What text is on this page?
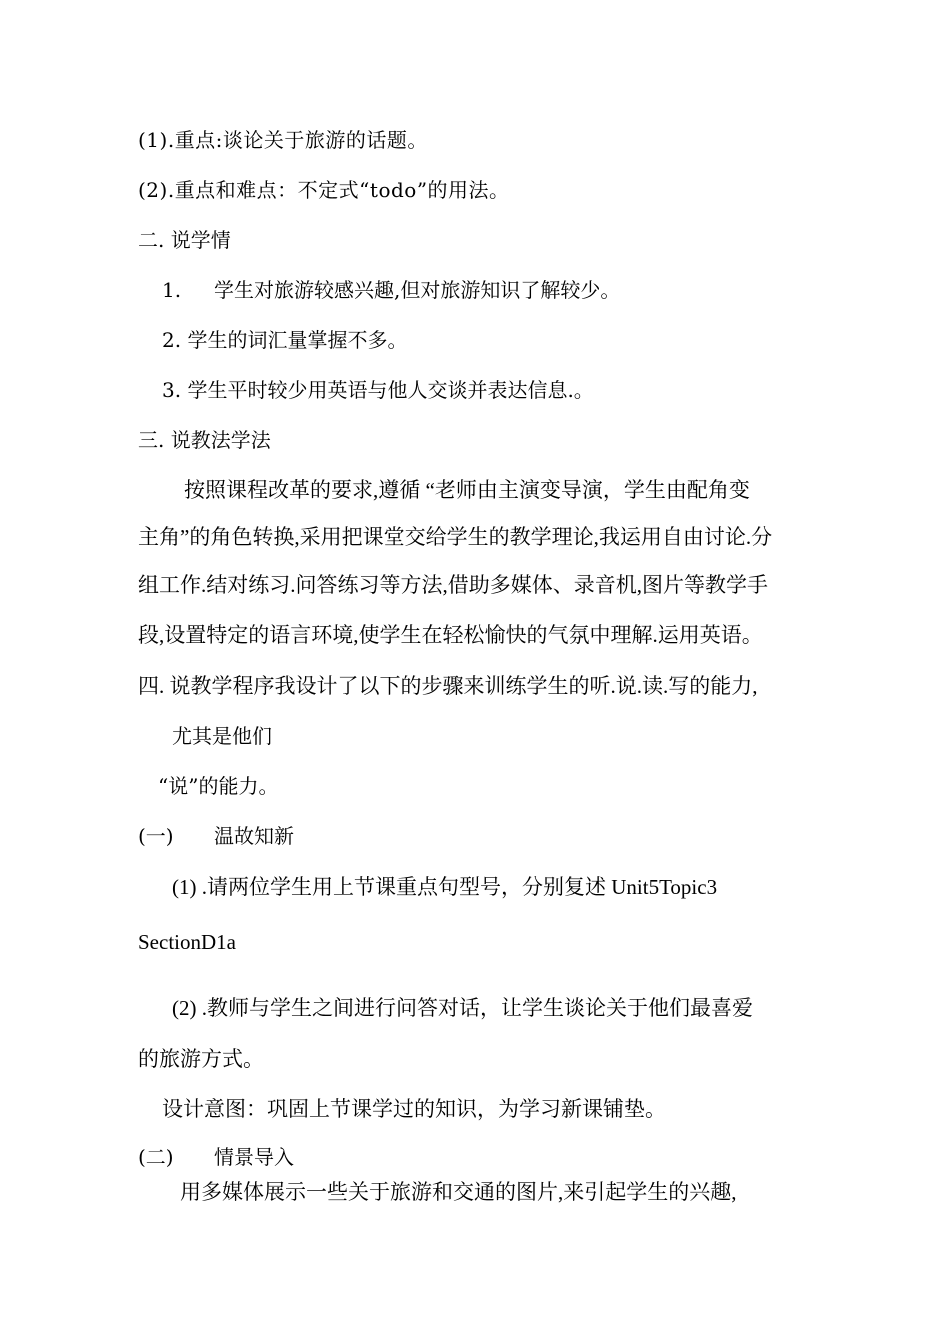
(1).重点:谈论关于旅游的话题。
(2).重点和难点：不定式“todo”的用法。
二. 说学情
1. 学生对旅游较感兴趣,但对旅游知识了解较少。
2. 学生的词汇量掌握不多。
3. 学生平时较少用英语与他人交谈并表达信息.。
三. 说教法学法
按照课程改革的要求,遵循 “老师由主演变导演，学生由配角变
主角”的角色转换,采用把课堂交给学生的教学理论,我运用自由讨论.分
组工作.结对练习.问答练习等方法,借助多媒体、录音机,图片等教学手
段,设置特定的语言环境,使学生在轻松愉快的气氛中理解.运用英语。
四. 说教学程序我设计了以下的步骤来训练学生的听.说.读.写的能力,
尤其是他们
“说”的能力。
(一) 温故知新
(1) .请两位学生用上节课重点句型号，分别复述 Unit5Topic3
SectionD1a
(2) .教师与学生之间进行问答对话，让学生谈论关于他们最喜爱
的旅游方式。
设计意图：巩固上节课学过的知识，为学习新课铺垫。
(二) 情景导入
用多媒体展示一些关于旅游和交通的图片,来引起学生的兴趣,
